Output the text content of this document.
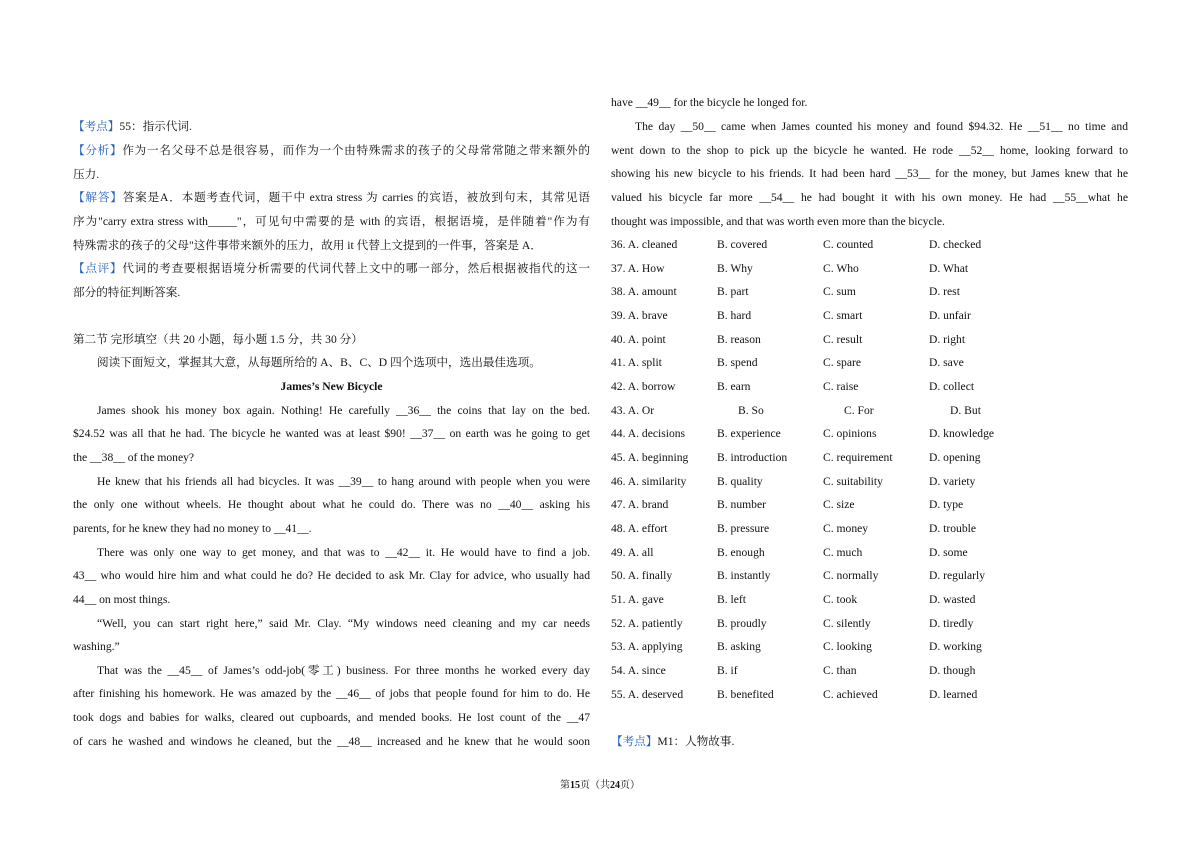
【考点】55：指示代词.
【分析】作为一名父母不总是很容易，而作为一个由特殊需求的孩子的父母常常随之带来额外的
压力.
【解答】答案是A．本题考查代词，题干中 extra stress 为 carries 的宾语，被放到句末，其常见语
序为"carry extra stress with_____"，可见句中需要的是 with 的宾语，根据语境，是伴随着"作为有
特殊需求的孩子的父母"这件事带来额外的压力，故用 it 代替上文提到的一件事，答案是 A．
【点评】代词的考查要根据语境分析需要的代词代替上文中的哪一部分，然后根据被指代的这一
部分的特征判断答案.
第二节 完形填空（共 20 小题，每小题 1.5 分，共 30 分）
阅读下面短文，掌握其大意，从每题所给的 A、B、C、D 四个选项中，选出最佳选项。
James’s New Bicycle
James shook his money box again. Nothing! He carefully __36__ the coins that lay on the bed.
$24.52 was all that he had. The bicycle he wanted was at least $90! __37__ on earth was he going to get
the __38__ of the money?
He knew that his friends all had bicycles. It was __39__ to hang around with people when you were
the only one without wheels. He thought about what he could do. There was no __40__ asking his
parents, for he knew they had no money to __41__.
There was only one way to get money, and that was to __42__ it. He would have to find a job.
43__ who would hire him and what could he do? He decided to ask Mr. Clay for advice, who usually had
44__ on most things.
“Well, you can start right here,” said Mr. Clay. “My windows need cleaning and my car needs
washing.”
That was the __45__ of James’s odd-job(零工) business. For three months he worked every day
after finishing his homework. He was amazed by the __46__ of jobs that people found for him to do. He
took dogs and babies for walks, cleared out cupboards, and mended books. He lost count of the __47
of cars he washed and windows he cleaned, but the __48__ increased and he knew that he would soon
have __49__ for the bicycle he longed for.
The day __50__ came when James counted his money and found $94.32. He __51__ no time and
went down to the shop to pick up the bicycle he wanted. He rode __52__ home, looking forward to
showing his new bicycle to his friends. It had been hard __53__ for the money, but James knew that he
valued his bicycle far more __54__ he had bought it with his own money. He had __55__what he
thought was impossible, and that was worth even more than the bicycle.
36. A. cleaned	B. covered	C. counted	D. checked
37. A. How	B. Why	C. Who	D. What
38. A. amount	B. part	C. sum	D. rest
39. A. brave	B. hard	C. smart	D. unfair
40. A. point	B. reason	C. result	D. right
41. A. split	B. spend	C. spare	D. save
42. A. borrow	B. earn	C. raise	D. collect
43. A. Or	B. So	C. For	D. But
44. A. decisions	B. experience	C. opinions	D. knowledge
45. A. beginning B. introduction	C. requirement	D. opening
46. A. similarity	B. quality	C. suitability	D. variety
47. A. brand	B. number	C. size	D. type
48. A. effort	B. pressure	C. money	D. trouble
49. A. all	B. enough	C. much	D. some
50. A. finally	B. instantly	C. normally	D. regularly
51. A. gave	B. left	C. took	D. wasted
52. A. patiently	B. proudly	C. silently	D. tiredly
53. A. applying	B. asking	C. looking	D. working
54. A. since	B. if	C. than	D. though
55. A. deserved	B. benefited	C. achieved	D. learned
【考点】M1：人物故事.
第15页（共24页）
